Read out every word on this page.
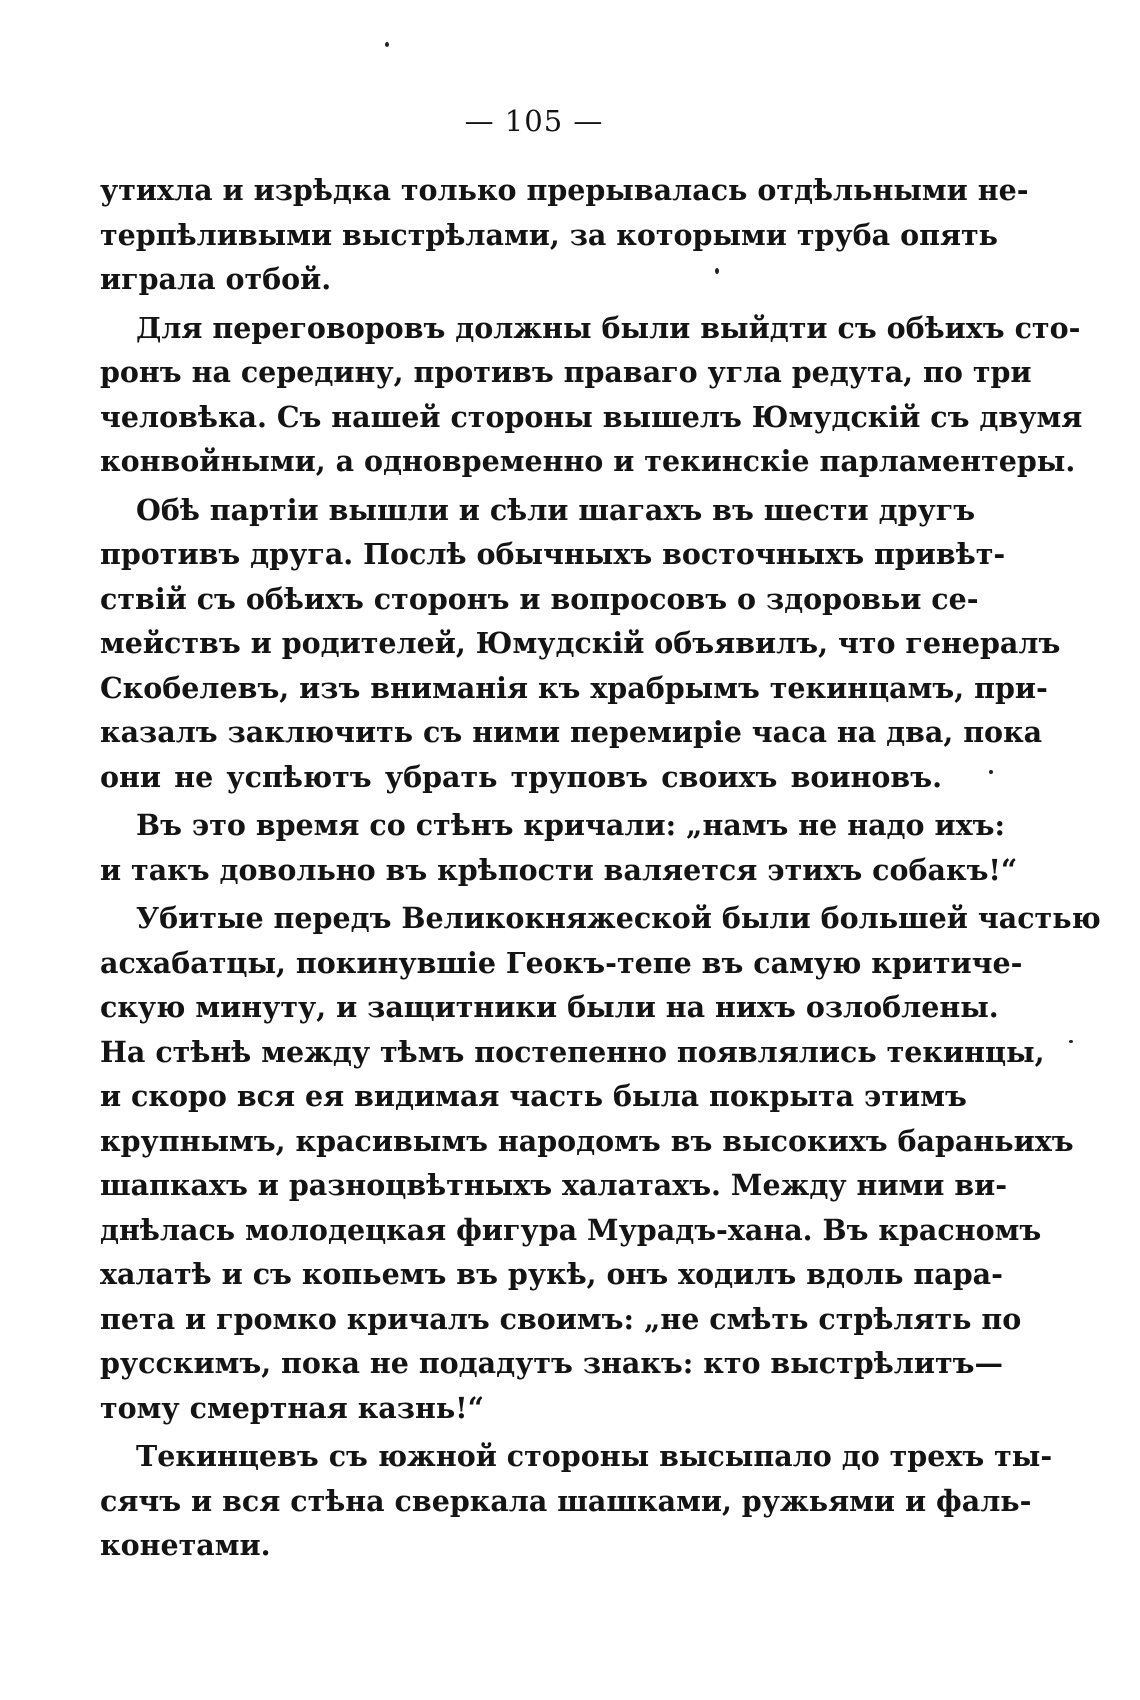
— 105 —
утихла и изрѣдка только прерывалась отдѣльными не-
терпѣливыми выстрѣлами, за которыми труба опять
играла отбой.
Для переговоровъ должны были выйдти съ обѣихъ сто-
ронъ на середину, противъ праваго угла редута, по три
человѣка. Съ нашей стороны вышелъ Юмудскій съ двумя
конвойными, а одновременно и текинскіе парламентеры.
Обѣ партіи вышли и сѣли шагахъ въ шести другъ
противъ друга. Послѣ обычныхъ восточныхъ привѣт-
ствій съ обѣихъ сторонъ и вопросовъ о здоровьи се-
мействъ и родителей, Юмудскій объявилъ, что генералъ
Скобелевъ, изъ вниманія къ храбрымъ текинцамъ, при-
казалъ заключить съ ними перемиріе часа на два, пока
они не успѣютъ убрать труповъ своихъ воиновъ.
Въ это время со стѣнъ кричали: „намъ не надо ихъ:
и такъ довольно въ крѣпости валяется этихъ собакъ!“
Убитые передъ Великокняжеской были большей частью
асхабатцы, покинувшіе Геокъ-тепе въ самую критиче-
скую минуту, и защитники были на нихъ озлоблены.
На стѣнѣ между тѣмъ постепенно появлялись текинцы,
и скоро вся ея видимая часть была покрыта этимъ
крупнымъ, красивымъ народомъ въ высокихъ бараньихъ
шапкахъ и разноцвѣтныхъ халатахъ. Между ними ви-
днѣлась молодецкая фигура Мурадъ-хана. Въ красномъ
халатѣ и съ копьемъ въ рукѣ, онъ ходилъ вдоль пара-
пета и громко кричалъ своимъ: „не смѣть стрѣлять по
русскимъ, пока не подадутъ знакъ: кто выстрѣлитъ—
тому смертная казнь!“
Текинцевъ съ южной стороны высыпало до трехъ ты-
сячъ и вся стѣна сверкала шашками, ружьями и фаль-
конетами.
